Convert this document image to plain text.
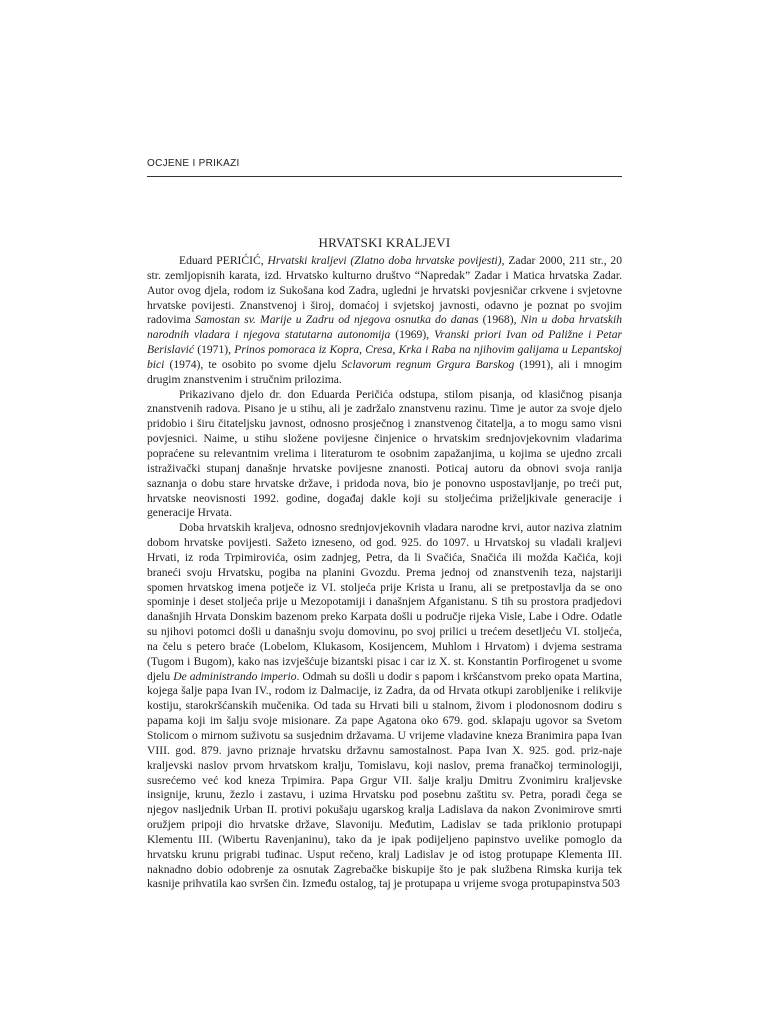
OCJENE I PRIKAZI
HRVATSKI KRALJEVI

Eduard PERIĆIĆ, Hrvatski kraljevi (Zlatno doba hrvatske povijesti), Zadar 2000, 211 str., 20 str. zemljopisnih karata, izd. Hrvatsko kulturno društvo “Napredak” Zadar i Matica hrvatska Zadar. Autor ovog djela, rodom iz Sukošana kod Zadra, ugledni je hrvatski povjesničar crkvene i svjetovne hrvatske povijesti. Znanstvenoj i širој, domaćoj i svjetskoj javnosti, odavno je poznat po svojim radovima Samostan sv. Marije u Zadru od njegova osnutka do danas (1968), Nin u doba hrvatskih narodnih vladara i njegova statutarna autonomija (1969), Vranski priori Ivan od Paližne i Petar Berislavić (1971), Prinos pomoraca iz Kopra, Cresa, Krka i Raba na njihovim galijama u Lepantskoj bici (1974), te osobito po svome djelu Sclavorum regnum Grgura Barskog (1991), ali i mnogim drugim znanstvenim i stručnim prilozima.

Prikazivano djelo dr. don Eduarda Peričića odstupa, stilom pisanja, od klasičnog pisanja znanstvenih radova. Pisano je u stihu, ali je zadržalo znanstvenu razinu. Time je autor za svoje djelo pridobio i širu čitateljsku javnost, odnosno prosječnog i znanstvenog čitatelja, a to mogu samo visni povjesnici. Naime, u stihu složene povijesne činjenice o hrvatskim srednjovjekovnim vladarima popraćene su relevantnim vrelima i literaturom te osobnim zapažanjima, u kojima se ujedno zrcali istraživački stupanj današnje hrvatske povijesne znanosti. Poticaj autoru da obnovi svoja ranija saznanja o dobu stare hrvatske države, i pridoda nova, bio je ponovno uspostavljanje, po treći put, hrvatske neovisnosti 1992. godine, događaj dakle koji su stoljećima priželjkivale generacije i generacije Hrvata.

Doba hrvatskih kraljeva, odnosno srednjovjekovnih vladara narodne krvi, autor naziva zlatnim dobom hrvatske povijesti. Sažeto izneseno, od god. 925. do 1097. u Hrvatskoj su vladali kraljevi Hrvati, iz roda Trpimirovića, osim zadnjeg, Petra, da li Svačića, Snačića ili možda Kačića, koji braneći svoju Hrvatsku, pogiba na planini Gvozdu. Prema jednoj od znanstvenih teza, najstariji spomen hrvatskog imena potječe iz VI. stoljeća prije Krista u Iranu, ali se pretpostavlja da se ono spominje i deset stoljeća prije u Mezopotamiji i današnjem Afganistanu. S tih su prostora pradjedovi današnjih Hrvata Donskim bazenom preko Karpata došli u područje rijeka Visle, Labe i Odre. Odatle su njihovi potomci došli u današnju svoju domovinu, po svoj prilici u trećem desetljeću VI. stoljeća, na čelu s petero braće (Lobelom, Klukasom, Kosijencem, Muhlom i Hrvatom) i dvjema sestrama (Tugom i Bugom), kako nas izvješćuje bizantski pisac i car iz X. st. Konstantin Porfirogenet u svome djelu De administrando imperio. Odmah su došli u dodir s papom i kršćanstvom preko opata Martina, kojega šalje papa Ivan IV., rodom iz Dalmacije, iz Zadra, da od Hrvata otkupi zarobljenike i relikvije kostiju, starokršćanskih mučenika. Od tada su Hrvati bili u stalnom, živom i plodonosnom dodiru s papama koji im šalju svoje misionare. Za pape Agatona oko 679. god. sklapaju ugovor sa Svetom Stolicom o mirnom suživotu sa susjednim državama. U vrijeme vladavine kneza Branimira papa Ivan VIII. god. 879. javno priznaje hrvatsku državnu samostalnost. Papa Ivan X. 925. god. priz-naje kraljevski naslov prvom hrvatskom kralju, Tomislavu, koji naslov, prema franačkoj terminologiji, susrećemo već kod kneza Trpimira. Papa Grgur VII. šalje kralju Dmitru Zvonimiru kraljevske insignije, krunu, žezlo i zastavu, i uzima Hrvatsku pod posebnu zaštitu sv. Petra, poradi čega se njegov nasljednik Urban II. protivi pokušaju ugarskog kralja Ladislava da nakon Zvonimirove smrti oružjem pripoji dio hrvatske države, Slavoniju. Međutim, Ladislav se tada priklonio protupapi Klementu III. (Wibertu Ravenjaninu), tako da je ipak podijeljeno papinstvo uvelike pomoglo da hrvatsku krunu prigrabi tuđinac. Usput rečeno, kralj Ladislav je od istog protupape Klementa III. naknadno dobio odobrenje za osnutak Zagrebačke biskupije što je pak službena Rimska kurija tek kasnije prihvatila kao svršen čin. Između ostalog, taj je protupapa u vrijeme svoga protupapinstva 503
